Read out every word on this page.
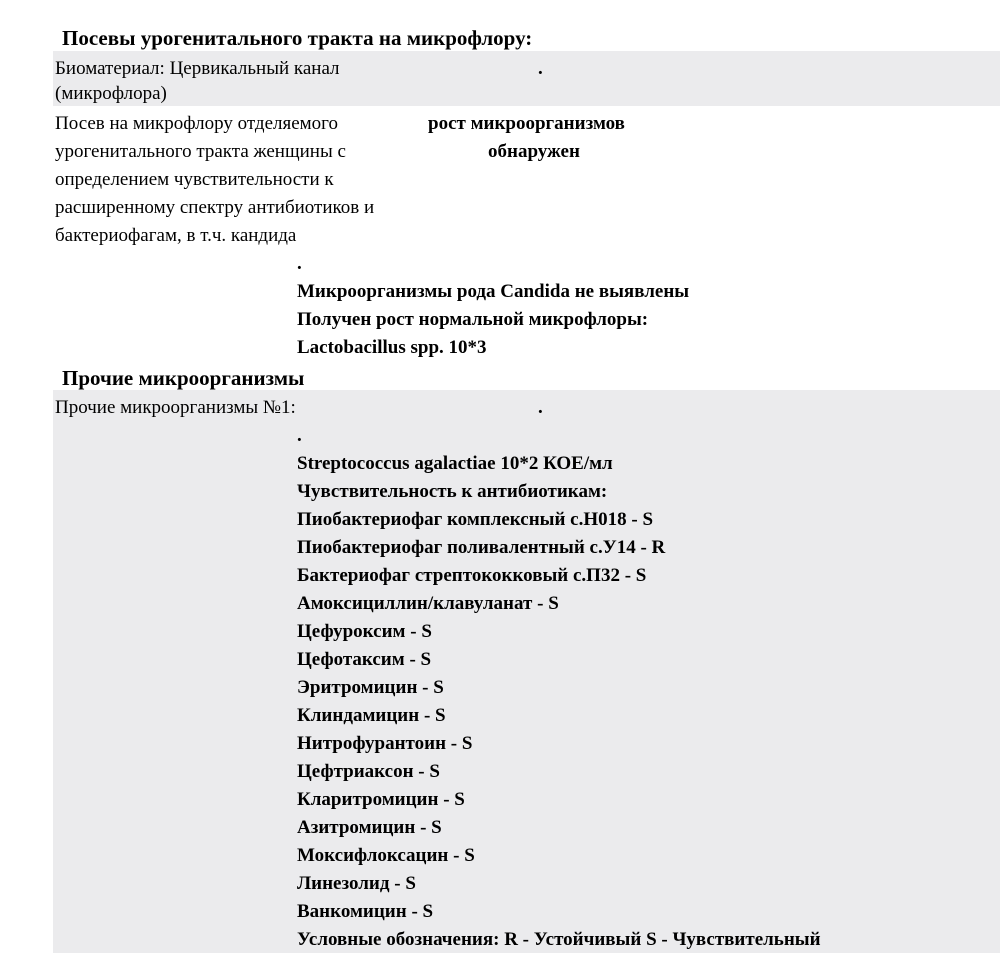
Посевы урогенитального тракта на микрофлору:
Биоматериал: Цервикальный канал
(микрофлора)
.
Посев на микрофлору отделяемого
урогенитального тракта женщины с
определением чувствительности к
расширенному спектру антибиотиков и
бактериофагам, в т.ч. кандида
рост микроорганизмов
обнаружен
.
Микроорганизмы рода Candida не выявлены
Получен рост нормальной микрофлоры:
Lactobacillus spp. 10*3
Прочие микроорганизмы
Прочие микроорганизмы №1:	.
.
Streptococcus agalactiae 10*2 КОЕ/мл
Чувствительность к антибиотикам:
Пиобактериофаг комплексный с.Н018 - S
Пиобактериофаг поливалентный с.У14 - R
Бактериофаг стрептококковый с.П32 - S
Амоксициллин/клавуланат - S
Цефуроксим - S
Цефотаксим - S
Эритромицин - S
Клиндамицин - S
Нитрофурантоин - S
Цефтриаксон - S
Кларитромицин - S
Азитромицин - S
Моксифлоксацин - S
Линезолид - S
Ванкомицин - S
Условные обозначения: R - Устойчивый S - Чувствительный
